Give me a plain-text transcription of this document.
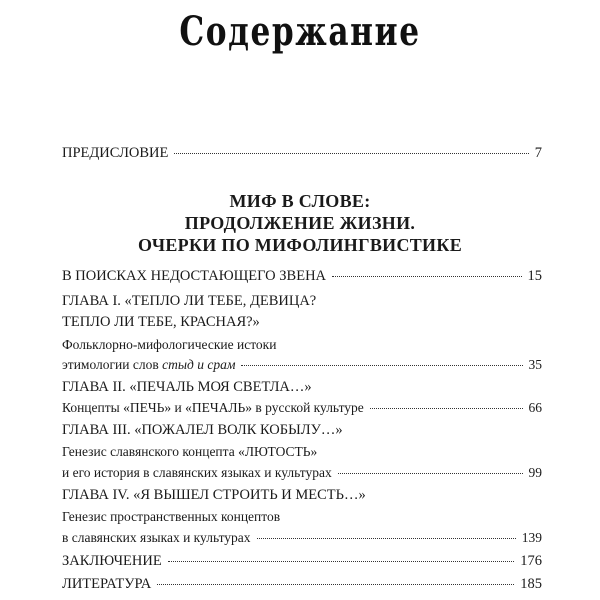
Содержание
ПРЕДИСЛОВИЕ	7
МИФ В СЛОВЕ:
ПРОДОЛЖЕНИЕ ЖИЗНИ.
ОЧЕРКИ ПО МИФОЛИНГВИСТИКЕ
В ПОИСКАХ НЕДОСТАЮЩЕГО ЗВЕНА	15
ГЛАВА I. «ТЕПЛО ЛИ ТЕБЕ, ДЕВИЦА?
ТЕПЛО ЛИ ТЕБЕ, КРАСНАЯ?»
Фольклорно-мифологические истоки
этимологии слов стыд и срам	35
ГЛАВА II. «ПЕЧАЛЬ МОЯ СВЕТЛА…»
Концепты «ПЕЧЬ» и «ПЕЧАЛЬ» в русской культуре	66
ГЛАВА III. «ПОЖАЛЕЛ ВОЛК КОБЫЛУ…»
Генезис славянского концепта «ЛЮТОСТЬ»
и его история в славянских языках и культурах	99
ГЛАВА IV. «Я ВЫШЕЛ СТРОИТЬ И МЕСТЬ…»
Генезис пространственных концептов
в славянских языках и культурах	139
ЗАКЛЮЧЕНИЕ	176
ЛИТЕРАТУРА	185
